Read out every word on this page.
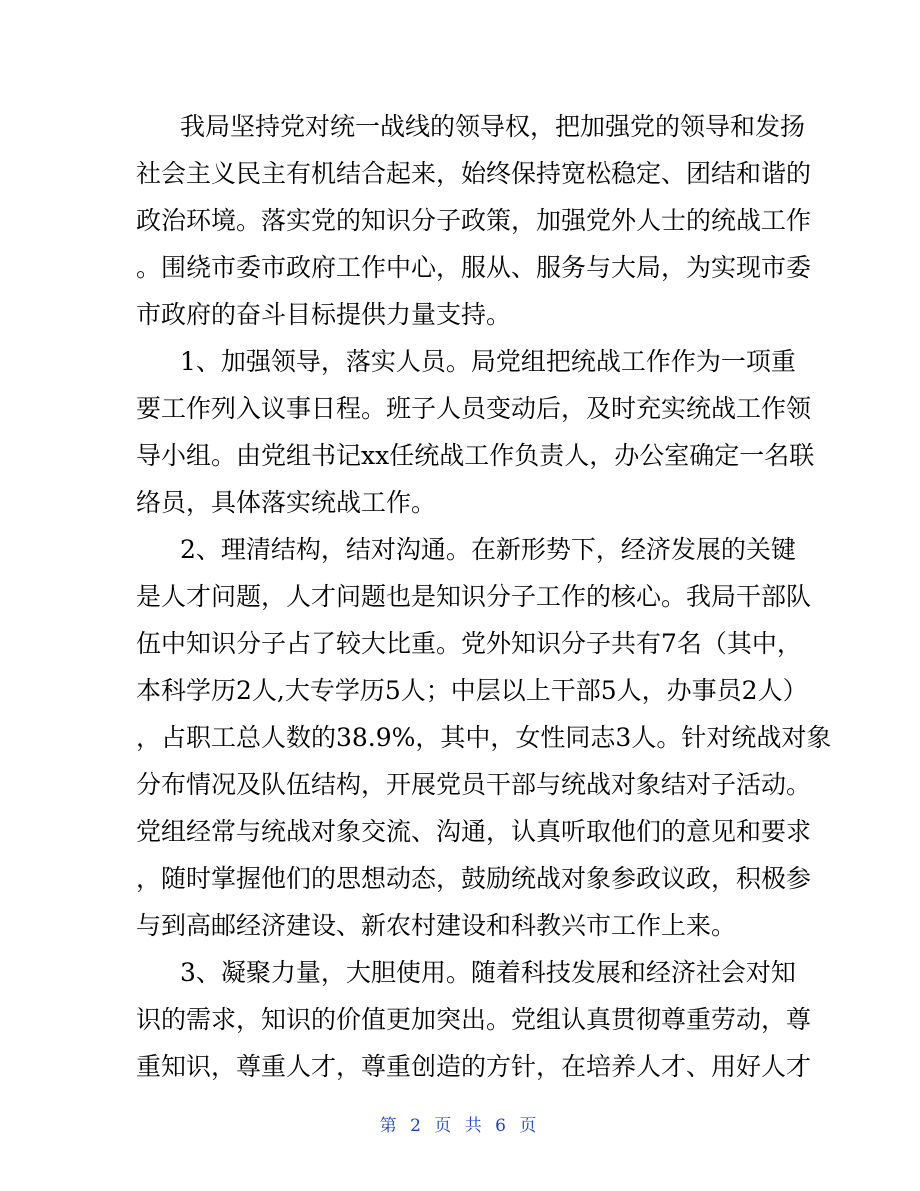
我局坚持党对统一战线的领导权，把加强党的领导和发扬
社会主义民主有机结合起来，始终保持宽松稳定、团结和谐的
政治环境。落实党的知识分子政策，加强党外人士的统战工作
。围绕市委市政府工作中心，服从、服务与大局，为实现市委
市政府的奋斗目标提供力量支持。
1、加强领导，落实人员。局党组把统战工作作为一项重
要工作列入议事日程。班子人员变动后，及时充实统战工作领
导小组。由党组书记xx任统战工作负责人，办公室确定一名联
络员，具体落实统战工作。
2、理清结构，结对沟通。在新形势下，经济发展的关键
是人才问题，人才问题也是知识分子工作的核心。我局干部队
伍中知识分子占了较大比重。党外知识分子共有7名（其中，
本科学历2人,大专学历5人；中层以上干部5人，办事员2人）
，占职工总人数的38.9%，其中，女性同志3人。针对统战对象
分布情况及队伍结构，开展党员干部与统战对象结对子活动。
党组经常与统战对象交流、沟通，认真听取他们的意见和要求
，随时掌握他们的思想动态，鼓励统战对象参政议政，积极参
与到高邮经济建设、新农村建设和科教兴市工作上来。
3、凝聚力量，大胆使用。随着科技发展和经济社会对知
识的需求，知识的价值更加突出。党组认真贯彻尊重劳动，尊
重知识，尊重人才，尊重创造的方针，在培养人才、用好人才
第 2 页 共 6 页
